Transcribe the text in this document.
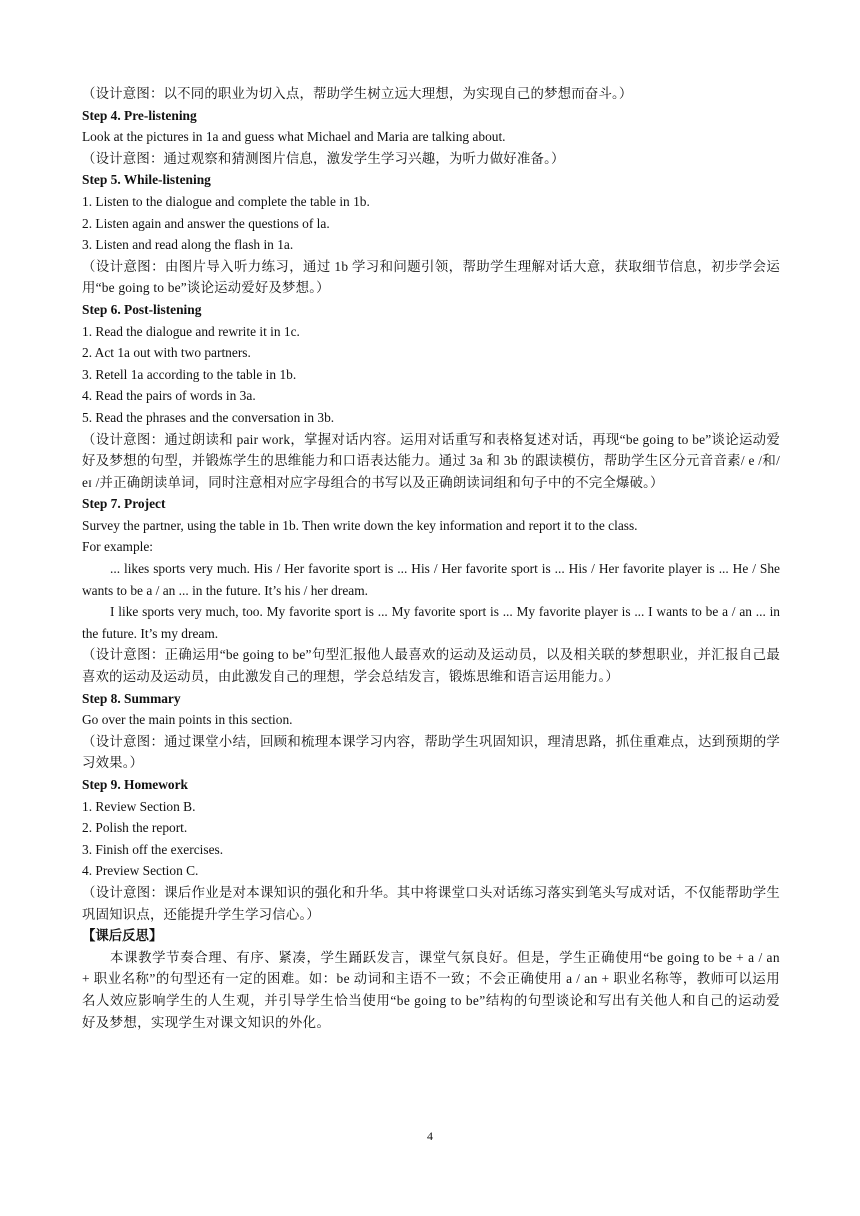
（设计意图：以不同的职业为切入点，帮助学生树立远大理想，为实现自己的梦想而奋斗。）

Step 4. Pre-listening

Look at the pictures in 1a and guess what Michael and Maria are talking about.

（设计意图：通过观察和猜测图片信息，激发学生学习兴趣，为听力做好准备。）

Step 5. While-listening

1. Listen to the dialogue and complete the table in 1b.

2. Listen again and answer the questions of la.

3. Listen and read along the flash in 1a.

（设计意图：由图片导入听力练习，通过 1b 学习和问题引领，帮助学生理解对话大意，获取细节信息，初步学会运用“be going to be”谈论运动爱好及梦想。）

Step 6. Post-listening

1. Read the dialogue and rewrite it in 1c.

2. Act 1a out with two partners.

3. Retell 1a according to the table in 1b.

4. Read the pairs of words in 3a.

5. Read the phrases and the conversation in 3b.

（设计意图：通过朗读和 pair work，掌握对话内容。运用对话重写和表格复述对话，再现“be going to be”谈论运动爱好及梦想的句型，并锻炼学生的思维能力和口语表达能力。通过 3a 和 3b 的跟读模仿，帮助学生区分元音音素/ e /和/ eɪ /并正确朗读单词，同时注意相对应字母组合的书写以及正确朗读词组和句子中的不完全爆破。）

Step 7. Project

Survey the partner, using the table in 1b. Then write down the key information and report it to the class.

For example:

... likes sports very much. His / Her favorite sport is ... His / Her favorite sport is ... His / Her favorite player is ... He / She wants to be a / an ... in the future. It’s his / her dream.

I like sports very much, too. My favorite sport is ... My favorite sport is ... My favorite player is ... I wants to be a / an ... in the future. It’s my dream.

（设计意图：正确运用“be going to be”句型汇报他人最喜欢的运动及运动员，以及相关联的梦想职业，并汇报自己最喜欢的运动及运动员，由此激发自己的理想，学会总结发言，锻炼思维和语言运用能力。）

Step 8. Summary

Go over the main points in this section.

（设计意图：通过课堂小结，回顾和梳理本课学习内容，帮助学生巩固知识，理清思路，抓住重难点，达到预期的学习效果。）

Step 9. Homework

1. Review Section B.

2. Polish the report.

3. Finish off the exercises.

4. Preview Section C.

（设计意图：课后作业是对本课知识的强化和升华。其中将课堂口头对话练习落实到笔头写成对话，不仅能帮助学生巩固知识点，还能提升学生学习信心。）

【课后反思】

本课教学节奏合理、有序、紧凑，学生踊跃发言，课堂气氛良好。但是，学生正确使用“be going to be + a / an + 职业名称”的句型还有一定的困难。如：be 动词和主语不一致；不会正确使用 a / an + 职业名称等，教师可以运用名人效应影响学生的人生观，并引导学生恰当使用“be going to be”结构的句型谈论和写出有关他人和自己的运动爱好及梦想，实现学生对课文知识的外化。

4
